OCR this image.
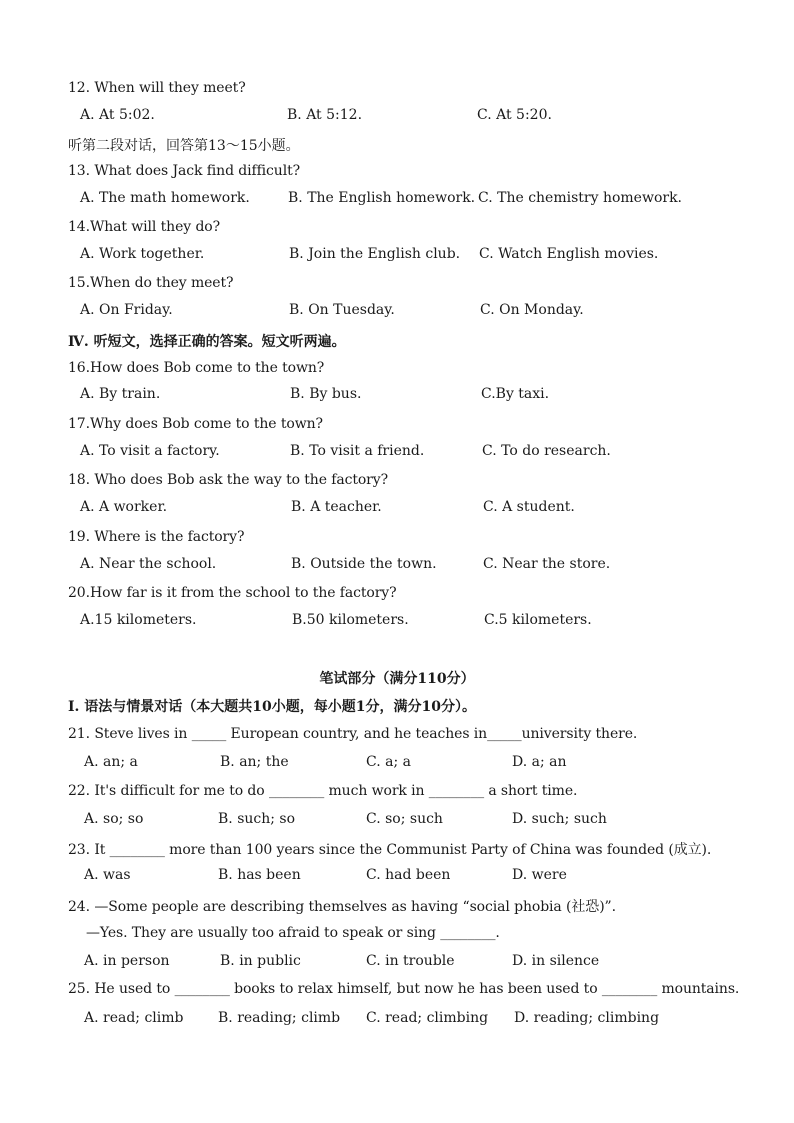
12. When will they meet?
A. At 5:02.	B. At 5:12.	C. At 5:20.
听第二段对话，回答第13～15小题。
13. What does Jack find difficult?
A. The math homework.	B. The English homework. C. The chemistry homework.
14.What will they do?
A. Work together.	B. Join the English club. C. Watch English movies.
15.When do they meet?
A. On Friday.	B. On Tuesday.	C. On Monday.
Ⅳ. 听短文，选择正确的答案。短文听两遍。
16.How does Bob come to the town?
A. By train.	B. By bus.	C.By taxi.
17.Why does Bob come to the town?
A. To visit a factory.	B. To visit a friend.	C. To do research.
18. Who does Bob ask the way to the factory?
A. A worker.	B. A teacher.	C. A student.
19. Where is the factory?
A. Near the school.	B. Outside the town.	C. Near the store.
20.How far is it from the school to the factory?
A.15 kilometers.	B.50 kilometers.	C.5 kilometers.
笔试部分（满分110分）
Ⅰ. 语法与情景对话（本大题共10小题，每小题1分，满分10分）。
21. Steve lives in _____ European country, and he teaches in_____university there.
A. an; a	B. an; the	C. a; a	D. a; an
22. It's difficult for me to do ________ much work in ________ a short time.
A. so; so	B. such; so	C. so; such	D. such; such
23. It ________ more than 100 years since the Communist Party of China was founded (成立).
A. was	B. has been	C. had been	D. were
24. —Some people are describing themselves as having “social phobia (社恐)”.
—Yes. They are usually too afraid to speak or sing ________.
A. in person	B. in public	C. in trouble	D. in silence
25. He used to ________ books to relax himself, but now he has been used to ________ mountains.
A. read; climb B. reading; climb C. read; climbing D. reading; climbing
